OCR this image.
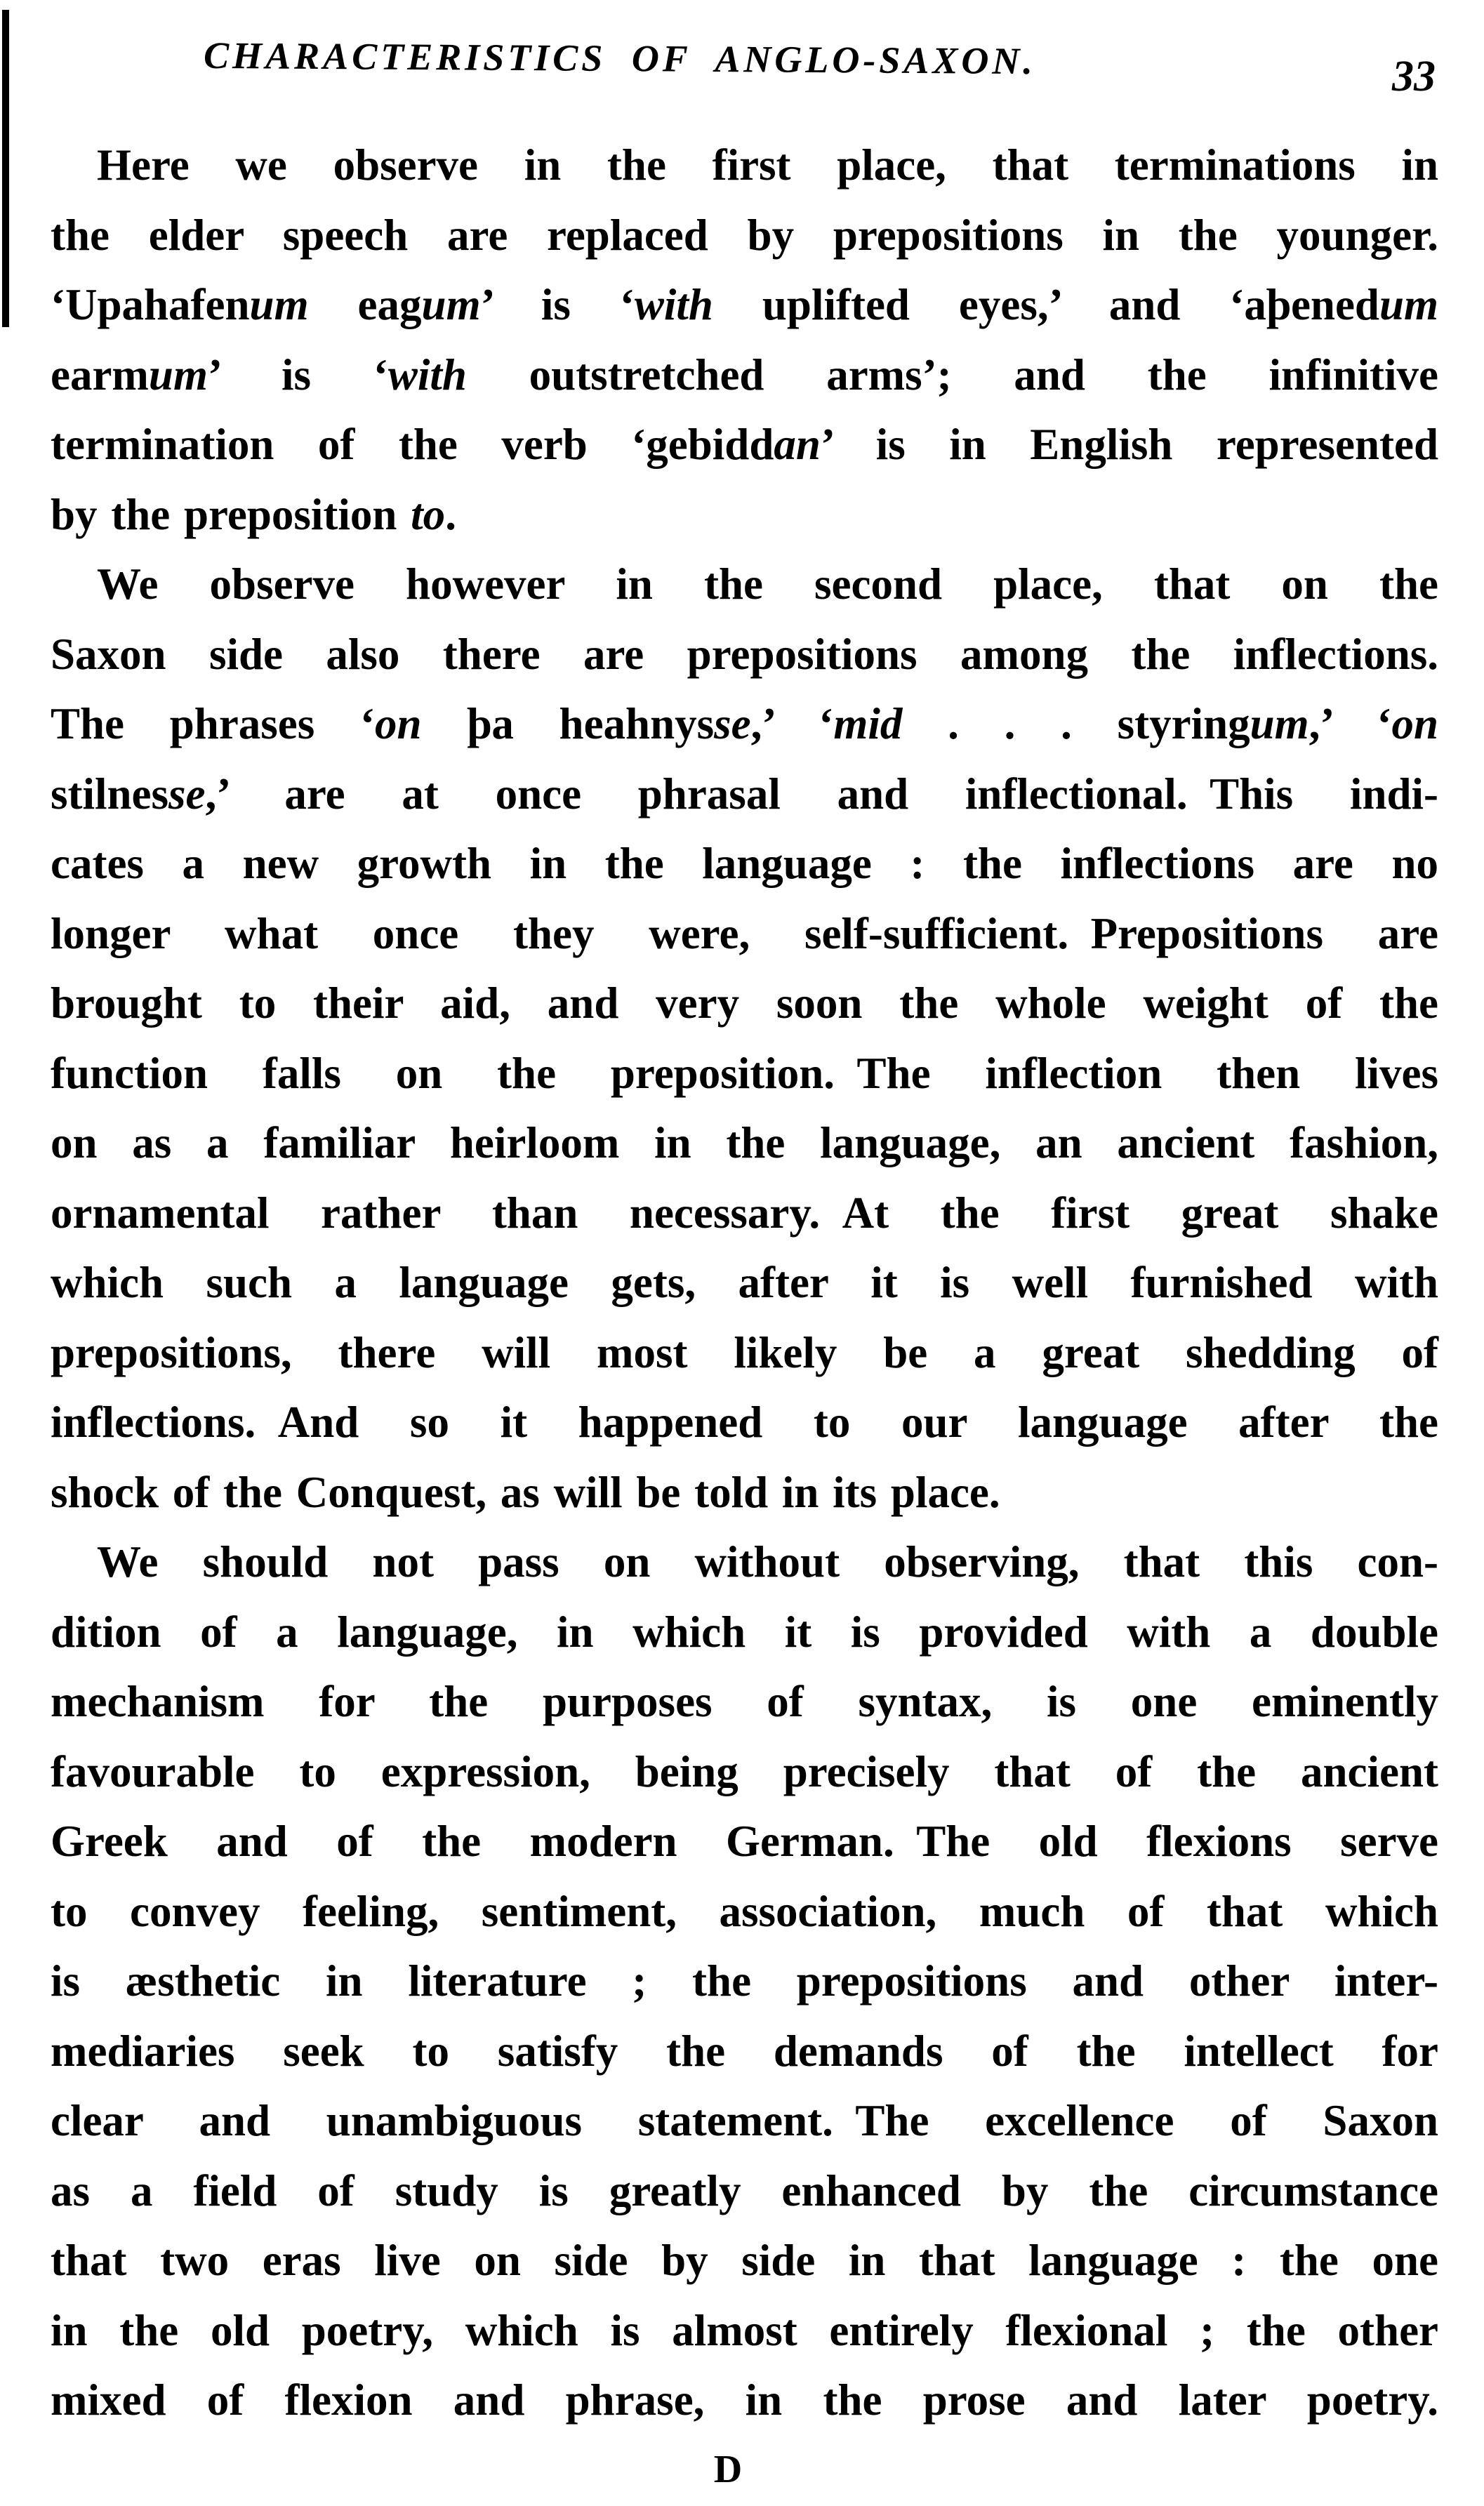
CHARACTERISTICS OF ANGLO-SAXON.	33
Here we observe in the first place, that terminations in
the elder speech are replaced by prepositions in the younger.
‘Upahafenum eagum’ is ‘with uplifted eyes,’ and ‘aþenedum
earmum’ is ‘with outstretched arms’; and the infinitive
termination of the verb ‘gebiddan’ is in English represented
by the preposition to.
We observe however in the second place, that on the
Saxon side also there are prepositions among the inflections.
The phrases ‘on þa heahnysse,’ ‘mid . . . styringum,’ ‘on
stilnesse,’ are at once phrasal and inflectional. This indi-
cates a new growth in the language : the inflections are no
longer what once they were, self-sufficient. Prepositions are
brought to their aid, and very soon the whole weight of the
function falls on the preposition. The inflection then lives
on as a familiar heirloom in the language, an ancient fashion,
ornamental rather than necessary. At the first great shake
which such a language gets, after it is well furnished with
prepositions, there will most likely be a great shedding of
inflections. And so it happened to our language after the
shock of the Conquest, as will be told in its place.
We should not pass on without observing, that this con-
dition of a language, in which it is provided with a double
mechanism for the purposes of syntax, is one eminently
favourable to expression, being precisely that of the ancient
Greek and of the modern German. The old flexions serve
to convey feeling, sentiment, association, much of that which
is æsthetic in literature ; the prepositions and other inter-
mediaries seek to satisfy the demands of the intellect for
clear and unambiguous statement. The excellence of Saxon
as a field of study is greatly enhanced by the circumstance
that two eras live on side by side in that language : the one
in the old poetry, which is almost entirely flexional ; the other
mixed of flexion and phrase, in the prose and later poetry.
D
